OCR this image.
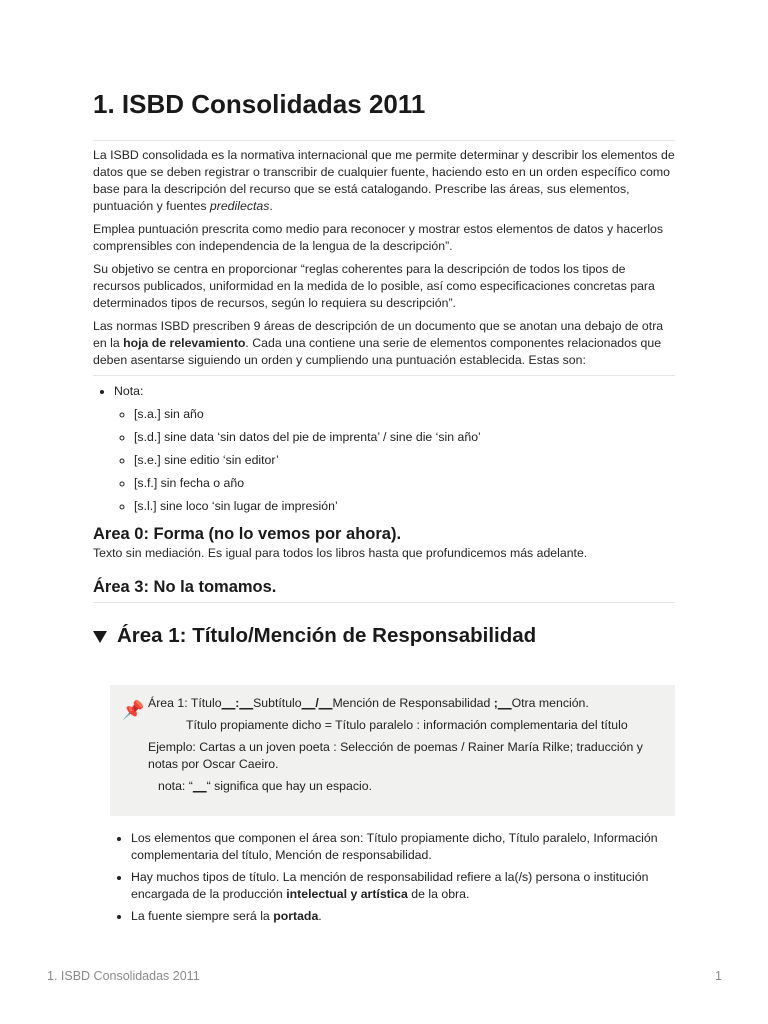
1. ISBD Consolidadas 2011

La ISBD consolidada es la normativa internacional que me permite determinar y describir los elementos de datos que se deben registrar o transcribir de cualquier fuente, haciendo esto en un orden específico como base para la descripción del recurso que se está catalogando. Prescribe las áreas, sus elementos, puntuación y fuentes predilectas.

Emplea puntuación prescrita como medio para reconocer y mostrar estos elementos de datos y hacerlos comprensibles con independencia de la lengua de la descripción”.

Su objetivo se centra en proporcionar “reglas coherentes para la descripción de todos los tipos de recursos publicados, uniformidad en la medida de lo posible, así como especificaciones concretas para determinados tipos de recursos, según lo requiera su descripción”.

Las normas ISBD prescriben 9 áreas de descripción de un documento que se anotan una debajo de otra en la hoja de relevamiento. Cada una contiene una serie de elementos componentes relacionados que deben asentarse siguiendo un orden y cumpliendo una puntuación establecida. Estas son:

• Nota:
◦ [s.a.] sin año
◦ [s.d.] sine data ‘sin datos del pie de imprenta’ / sine die ‘sin año’
◦ [s.e.] sine editio ‘sin editor’
◦ [s.f.] sin fecha o año
◦ [s.l.] sine loco ‘sin lugar de impresión’
Area 0: Forma (no lo vemos por ahora).

Texto sin mediación. Es igual para todos los libros hasta que profundicemos más adelante.

Área 3: No la tomamos.
Área 1: Título/Mención de Responsabilidad
📌 Área 1: Título__:__Subtítulo__/__Mención de Responsabilidad ;__Otra mención.

Título propiamente dicho = Título paralelo : información complementaria del título

Ejemplo: Cartas a un joven poeta : Selección de poemas / Rainer María Rilke; traducción y notas por Oscar Caeiro.

nota: “__“ significa que hay un espacio.

• Los elementos que componen el área son: Título propiamente dicho, Título paralelo, Información complementaria del título, Mención de responsabilidad.
• Hay muchos tipos de título. La mención de responsabilidad refiere a la(/s) persona o institución encargada de la producción intelectual y artística de la obra.
• La fuente siempre será la portada.
1. ISBD Consolidadas 2011	1
